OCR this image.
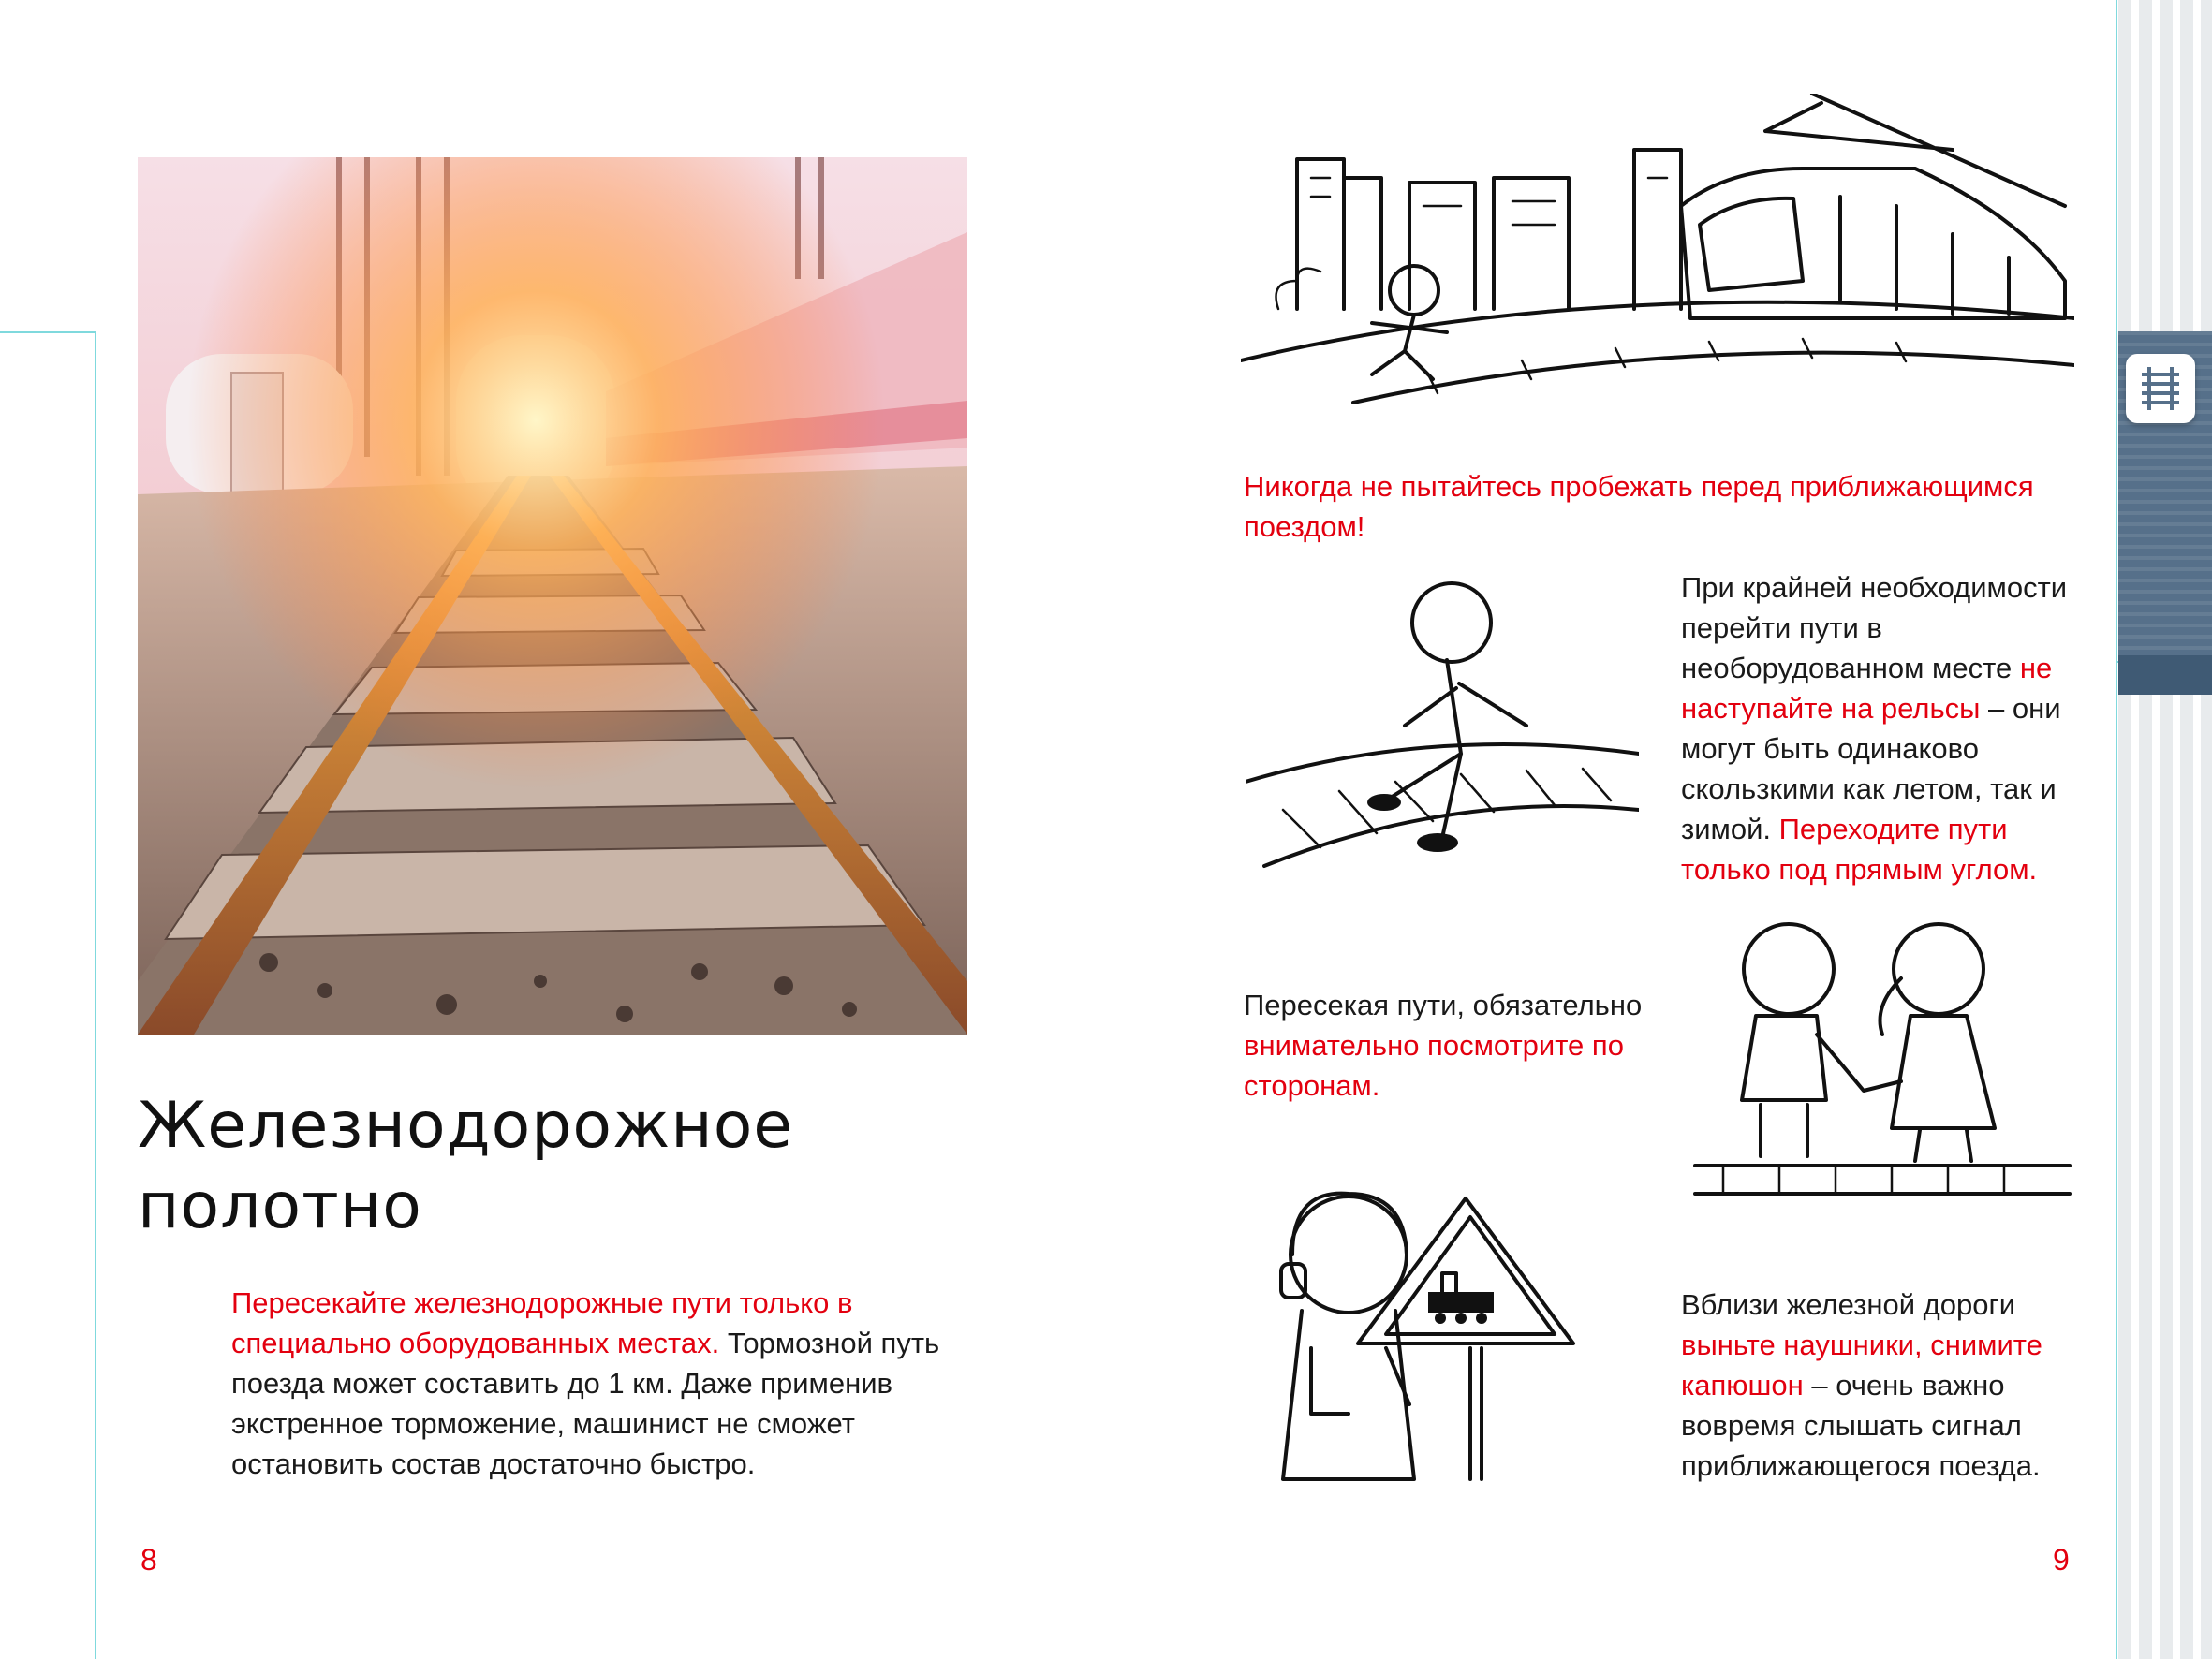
Железнодорожное
полотно

Пересекайте железнодорожные пути только в специально оборудованных местах. Тормозной путь поезда может составить до 1 км. Даже применив экстренное торможение, машинист не сможет остановить состав достаточно быстро.

8	9

Никогда не пытайтесь пробежать перед приближающимся поездом!

При крайней необходимости перейти пути в необорудованном месте не наступайте на рельсы – они могут быть одинаково скользкими как летом, так и зимой. Переходите пути только под прямым углом.

Пересекая пути, обязательно внимательно посмотрите по сторонам.

Вблизи железной дороги выньте наушники, снимите капюшон – очень важно вовремя слышать сигнал приближающегося поезда.
